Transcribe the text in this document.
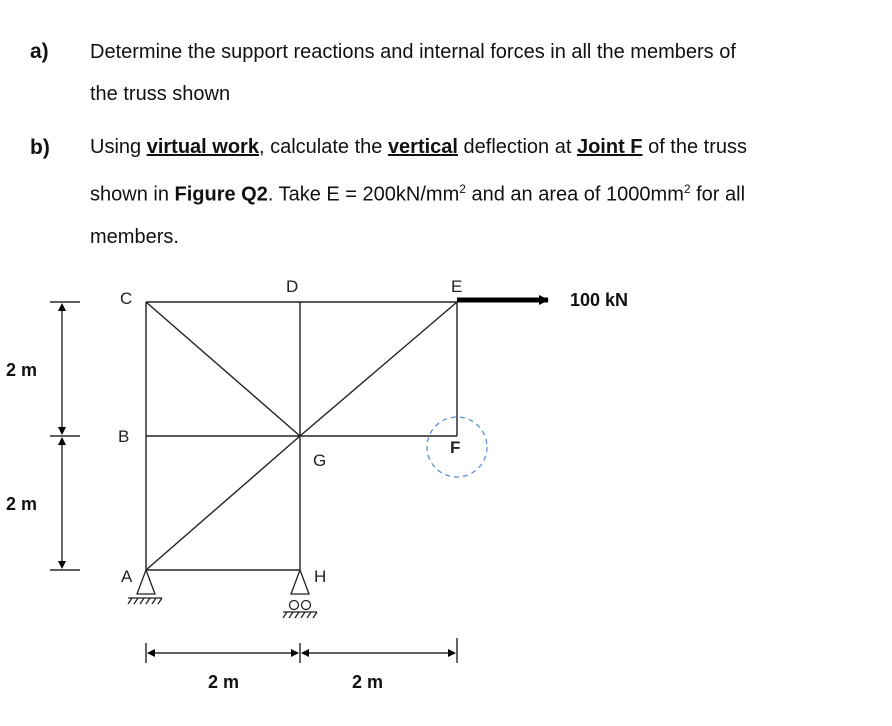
a) Determine the support reactions and internal forces in all the members of
the truss shown
b) Using virtual work, calculate the vertical deflection at Joint F of the truss
shown in Figure Q2. Take $E = 200kN/mm^2$ and an area of $1000mm^2$ for all
members.
C
D	E
B
G
F
A	H
100 kN
2 m
2 m
2 m	2 m
